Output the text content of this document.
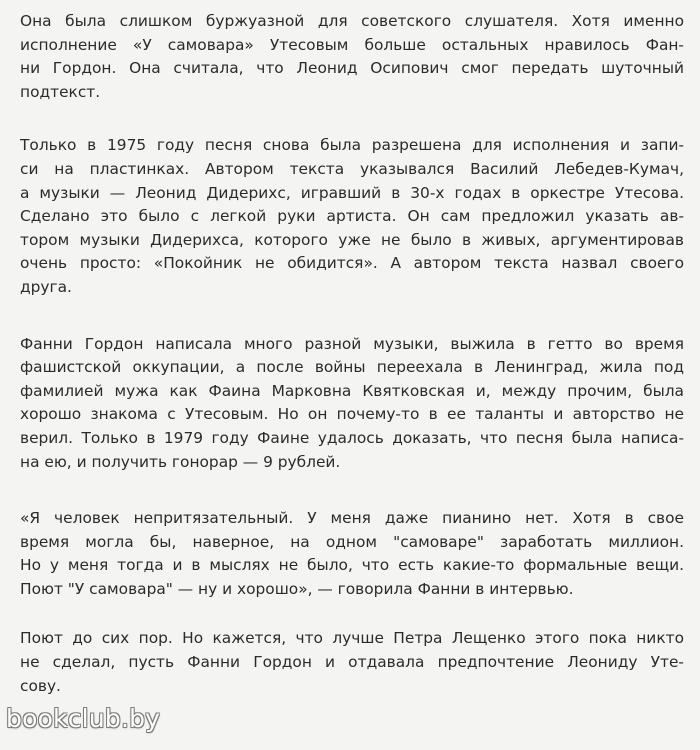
Она была слишком буржуазной для советского слушателя. Хотя именно
исполнение «У самовара» Утесовым больше остальных нравилось Фан-
ни Гордон. Она считала, что Леонид Осипович смог передать шуточный
подтекст.

Только в 1975 году песня снова была разрешена для исполнения и запи-
си на пластинках. Автором текста указывался Василий Лебедев-Кумач,
а музыки — Леонид Дидерихс, игравший в 30-х годах в оркестре Утесова.
Сделано это было с легкой руки артиста. Он сам предложил указать ав-
тором музыки Дидерихса, которого уже не было в живых, аргументировав
очень просто: «Покойник не обидится». А автором текста назвал своего
друга.

Фанни Гордон написала много разной музыки, выжила в гетто во время
фашистской оккупации, а после войны переехала в Ленинград, жила под
фамилией мужа как Фаина Марковна Квятковская и, между прочим, была
хорошо знакома с Утесовым. Но он почему-то в ее таланты и авторство не
верил. Только в 1979 году Фаине удалось доказать, что песня была написа-
на ею, и получить гонорар — 9 рублей.

«Я человек непритязательный. У меня даже пианино нет. Хотя в свое
время могла бы, наверное, на одном "самоваре" заработать миллион.
Но у меня тогда и в мыслях не было, что есть какие-то формальные вещи.
Поют "У самовара" — ну и хорошо», — говорила Фанни в интервью.

Поют до сих пор. Но кажется, что лучше Петра Лещенко этого пока никто
не сделал, пусть Фанни Гордон и отдавала предпочтение Леониду Уте-
сову.

bookclub.by
